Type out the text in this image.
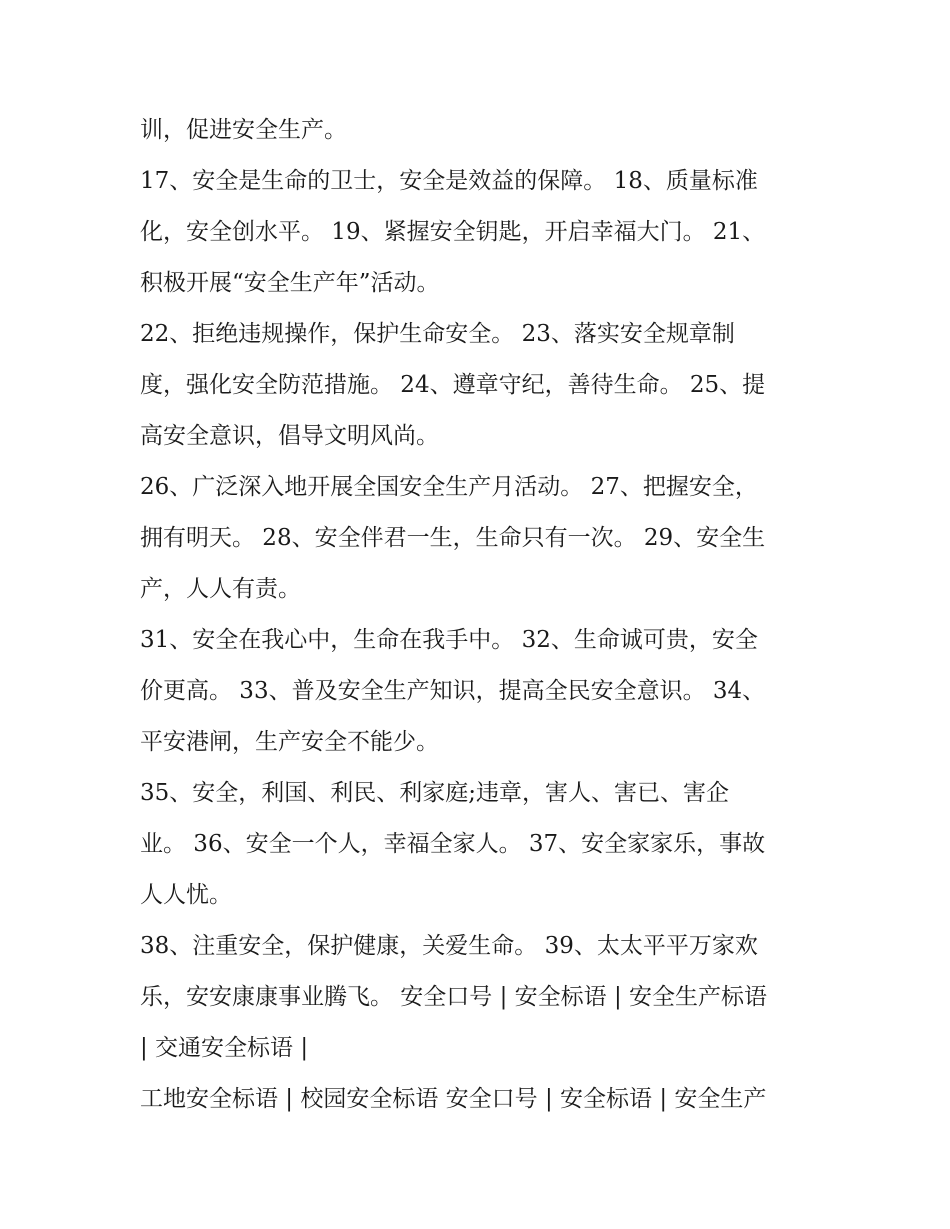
训，促进安全生产。
17、安全是生命的卫士，安全是效益的保障。 18、质量标准
化，安全创水平。 19、紧握安全钥匙，开启幸福大门。 21、
积极开展“安全生产年”活动。
22、拒绝违规操作，保护生命安全。 23、落实安全规章制
度，强化安全防范措施。 24、遵章守纪，善待生命。 25、提
高安全意识，倡导文明风尚。
26、广泛深入地开展全国安全生产月活动。 27、把握安全，
拥有明天。 28、安全伴君一生，生命只有一次。 29、安全生
产，人人有责。
31、安全在我心中，生命在我手中。 32、生命诚可贵，安全
价更高。 33、普及安全生产知识，提高全民安全意识。 34、
平安港闸，生产安全不能少。
35、安全，利国、利民、利家庭;违章，害人、害已、害企
业。 36、安全一个人，幸福全家人。 37、安全家家乐，事故
人人忧。
38、注重安全，保护健康，关爱生命。 39、太太平平万家欢
乐，安安康康事业腾飞。 安全口号 | 安全标语 | 安全生产标语
| 交通安全标语 |
工地安全标语 | 校园安全标语 安全口号 | 安全标语 | 安全生产
